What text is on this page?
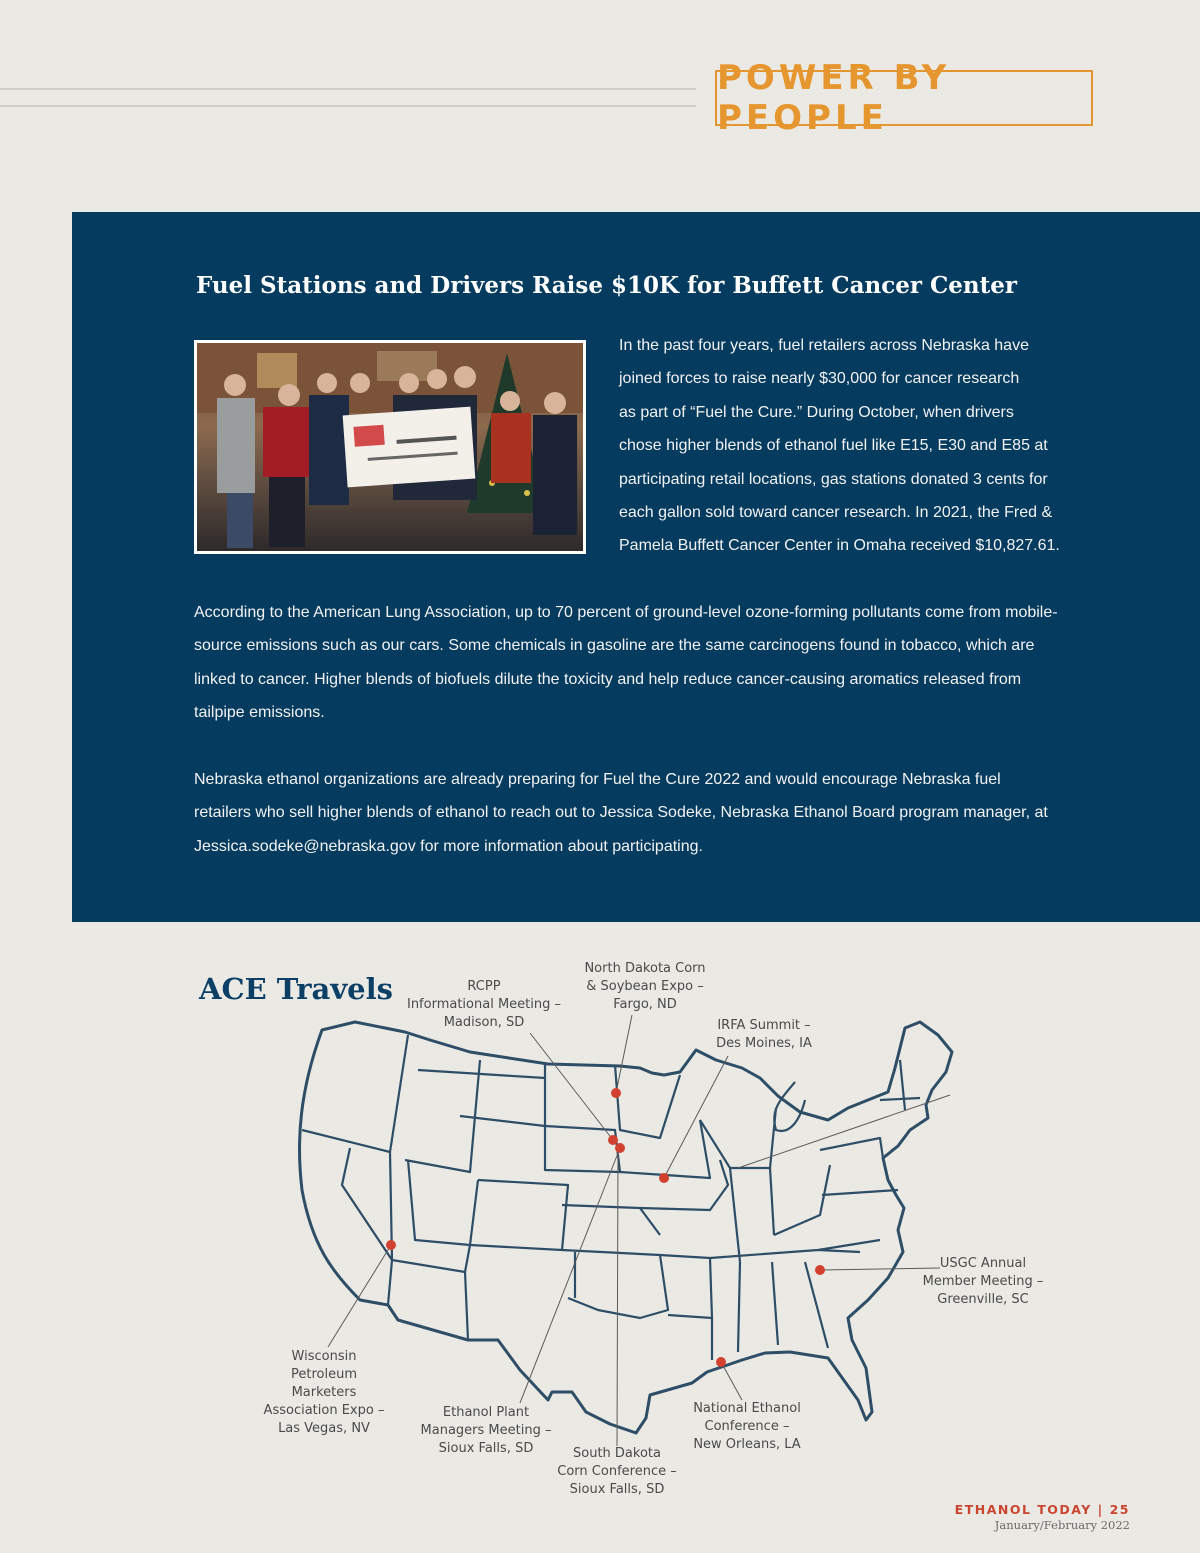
POWER BY PEOPLE
Fuel Stations and Drivers Raise $10K for Buffett Cancer Center

In the past four years, fuel retailers across Nebraska have
joined forces to raise nearly $30,000 for cancer research
as part of “Fuel the Cure.” During October, when drivers
chose higher blends of ethanol fuel like E15, E30 and E85 at
participating retail locations, gas stations donated 3 cents for
each gallon sold toward cancer research. In 2021, the Fred &
Pamela Buffett Cancer Center in Omaha received $10,827.61.

According to the American Lung Association, up to 70 percent of ground-level ozone-forming pollutants come from mobile-
source emissions such as our cars. Some chemicals in gasoline are the same carcinogens found in tobacco, which are
linked to cancer. Higher blends of biofuels dilute the toxicity and help reduce cancer-causing aromatics released from
tailpipe emissions.

Nebraska ethanol organizations are already preparing for Fuel the Cure 2022 and would encourage Nebraska fuel
retailers who sell higher blends of ethanol to reach out to Jessica Sodeke, Nebraska Ethanol Board program manager, at
Jessica.sodeke@nebraska.gov for more information about participating.

ACE Travels	RCPP
Informational Meeting –
Madison, SD
North Dakota Corn
& Soybean Expo –
Fargo, ND
IRFA Summit –
Des Moines, IA
USGC Annual
Member Meeting –
Greenville, SC
Wisconsin
Petroleum
Marketers
Association Expo –
Las Vegas, NV
Ethanol Plant
Managers Meeting –
Sioux Falls, SD	South Dakota
Corn Conference –
Sioux Falls, SD
National Ethanol
Conference –
New Orleans, LA
ETHANOL TODAY | 25
January/February 2022
